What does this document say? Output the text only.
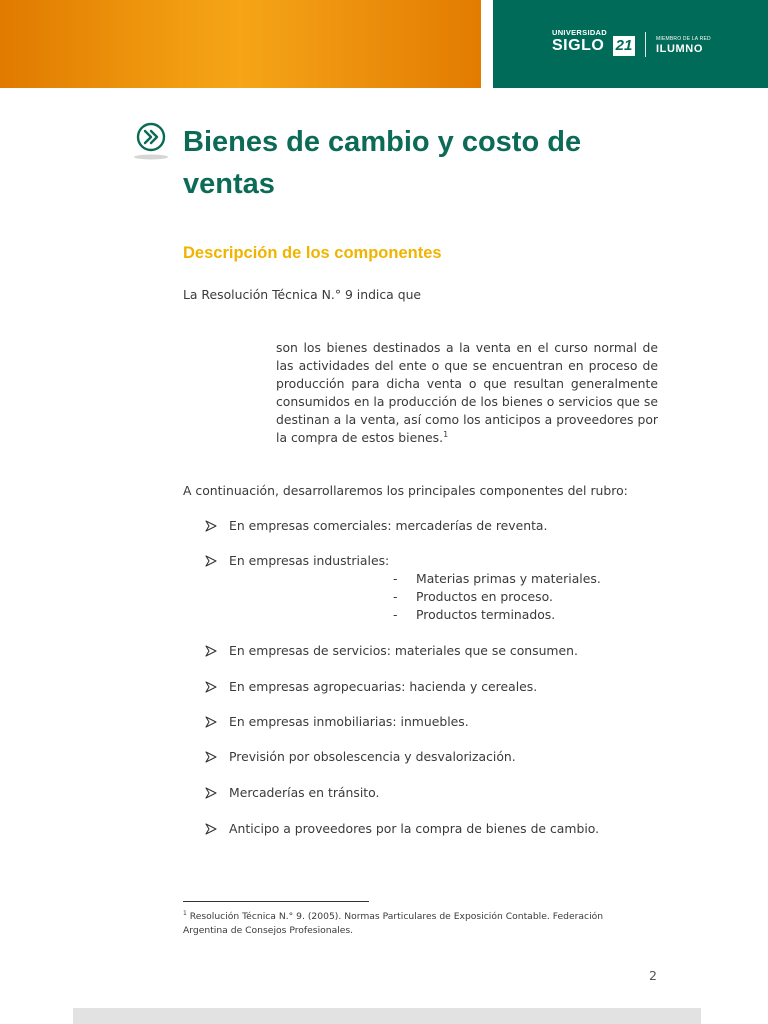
UNIVERSIDAD
SIGLO 21	MIEMBRO DE LA RED
ILUMNO
Bienes de cambio y costo de ventas
Descripción de los componentes

La Resolución Técnica N.° 9 indica que

son los bienes destinados a la venta en el curso normal de las actividades del ente o que se encuentran en proceso de producción para dicha venta o que resultan generalmente consumidos en la producción de los bienes o servicios que se destinan a la venta, así como los anticipos a proveedores por la compra de estos bienes.$^1$

A continuación, desarrollaremos los principales componentes del rubro:

En empresas comerciales: mercaderías de reventa.
En empresas industriales:
- Materias primas y materiales.
- Productos en proceso.
- Productos terminados.
En empresas de servicios: materiales que se consumen.
En empresas agropecuarias: hacienda y cereales.
En empresas inmobiliarias: inmuebles.
Previsión por obsolescencia y desvalorización.
Mercaderías en tránsito.
Anticipo a proveedores por la compra de bienes de cambio.

$^1$ Resolución Técnica N.° 9. (2005). Normas Particulares de Exposición Contable. Federación Argentina de Consejos Profesionales.

2
